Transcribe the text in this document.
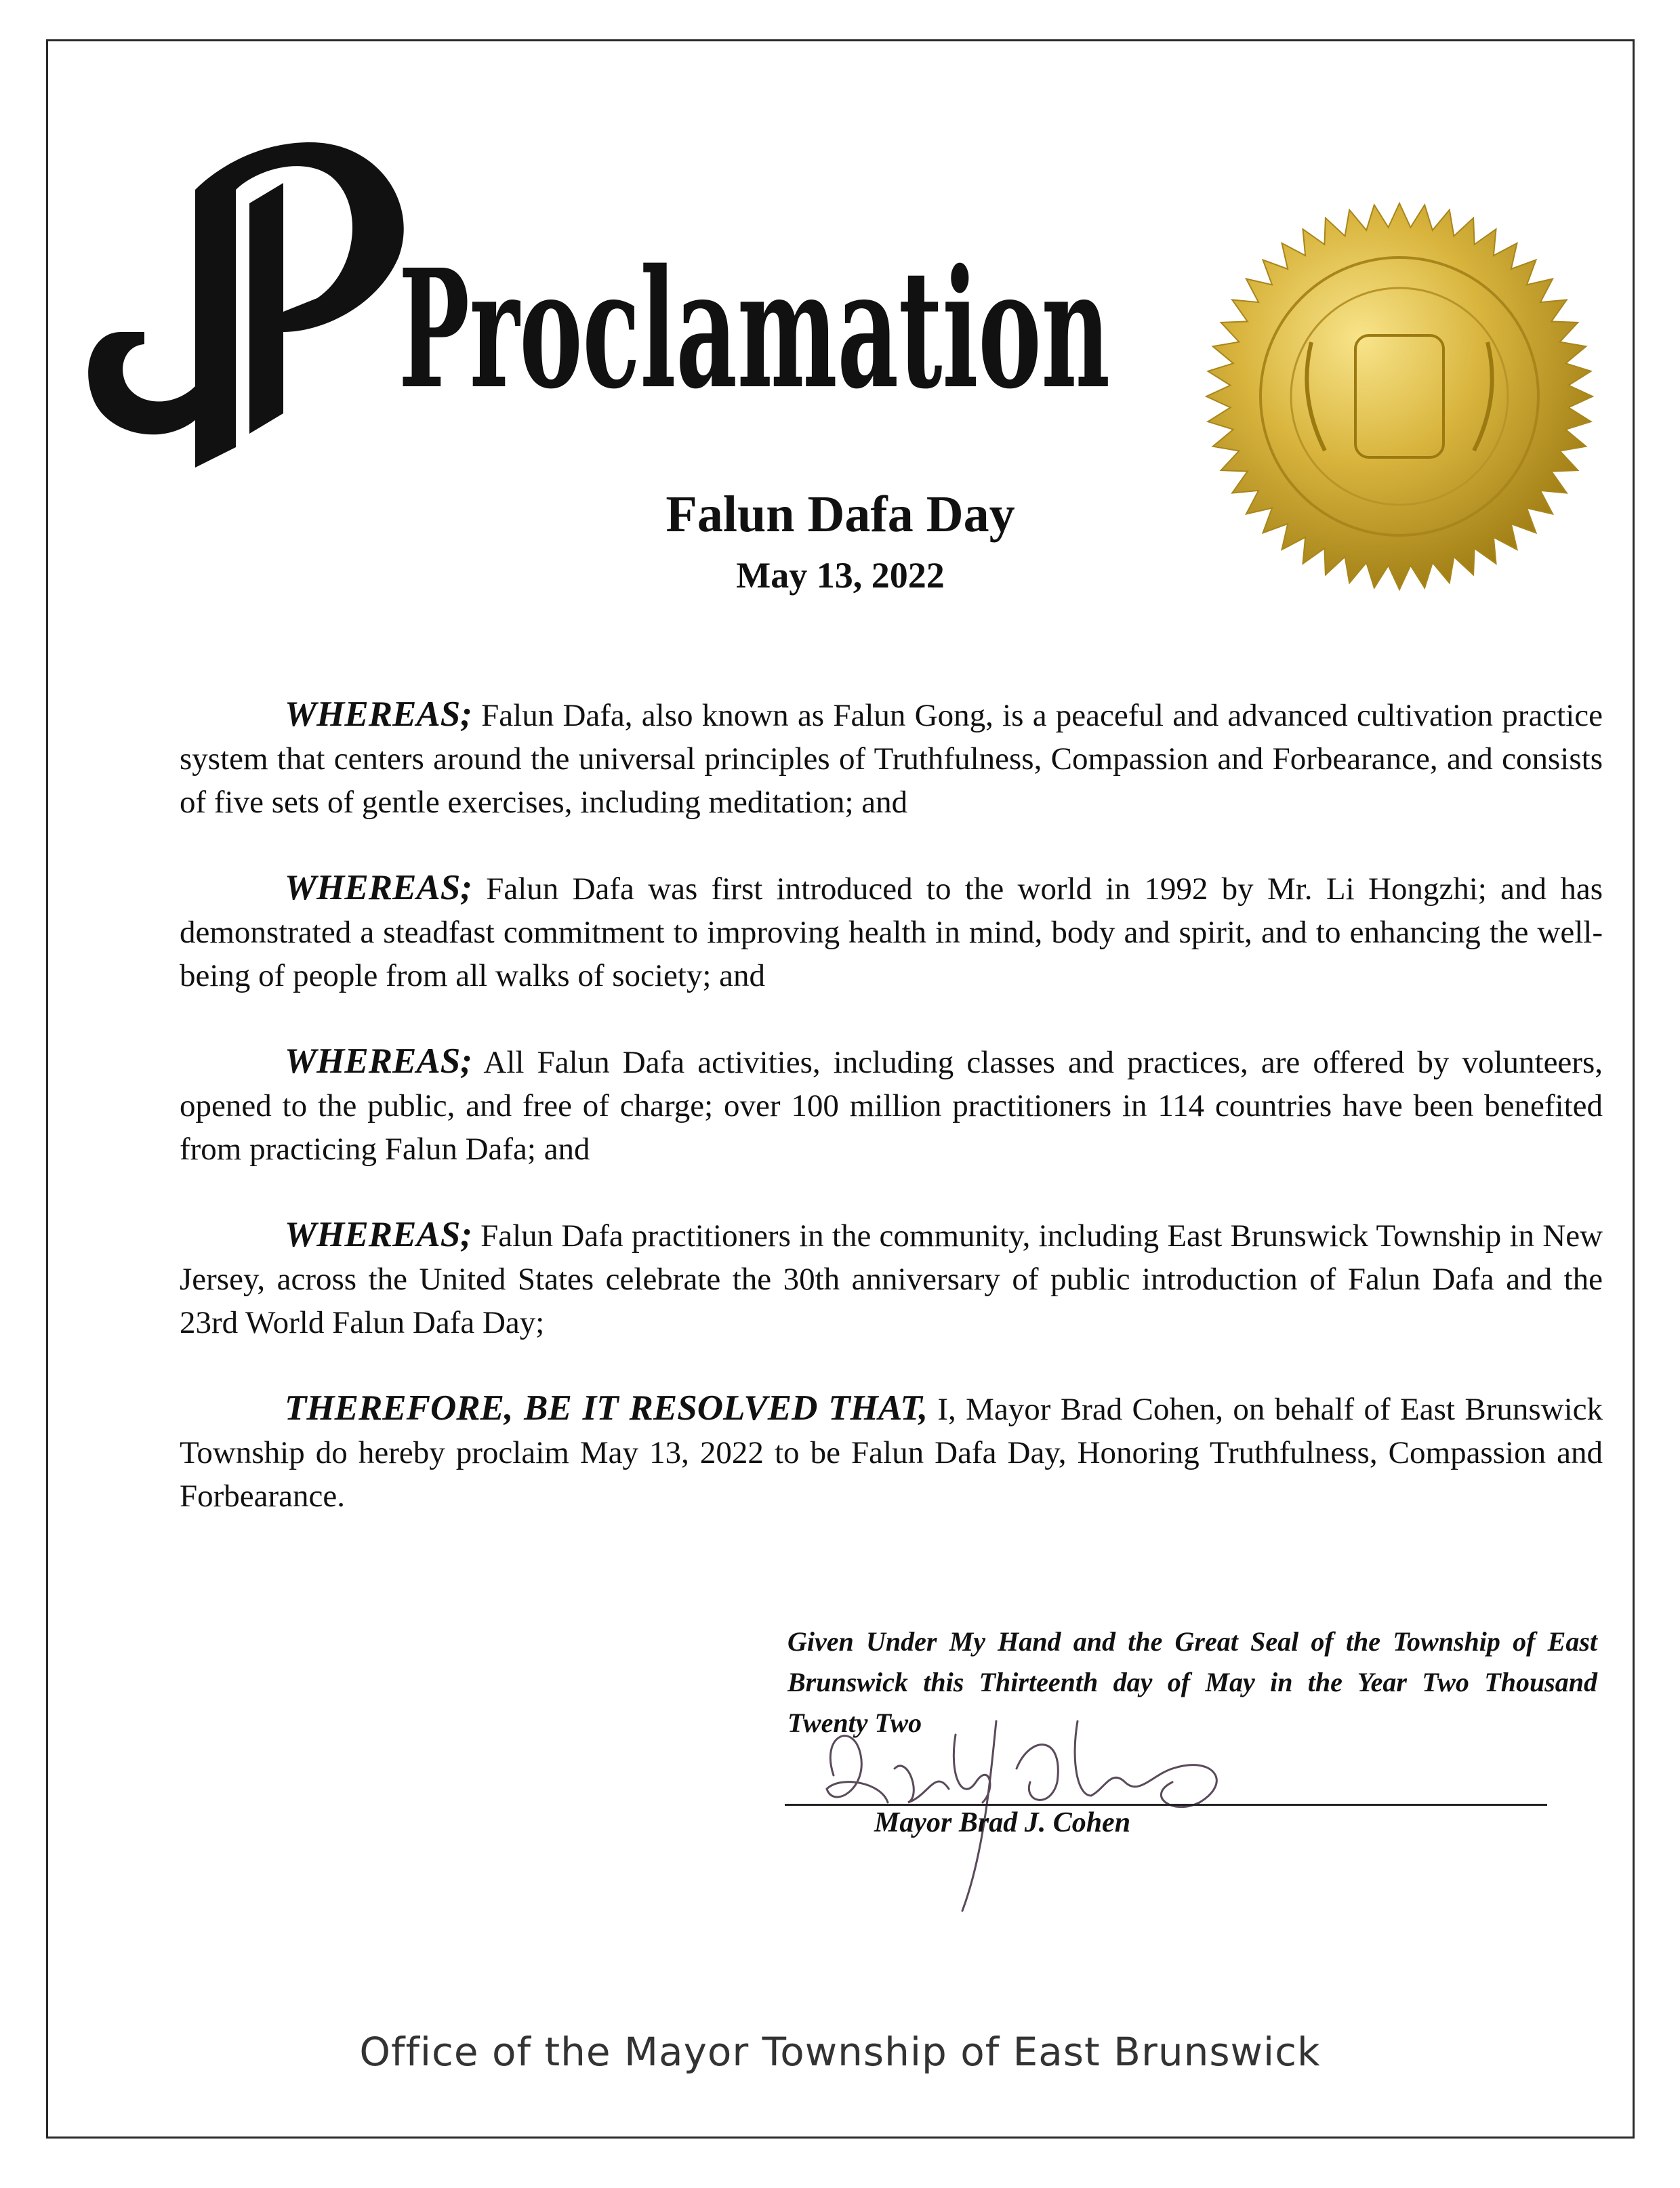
Proclamation
Falun Dafa Day
May 13, 2022

WHEREAS; Falun Dafa, also known as Falun Gong, is a peaceful and advanced cultivation practice system that centers around the universal principles of Truthfulness, Compassion and Forbearance, and consists of five sets of gentle exercises, including meditation; and

WHEREAS; Falun Dafa was first introduced to the world in 1992 by Mr. Li Hongzhi; and has demonstrated a steadfast commitment to improving health in mind, body and spirit, and to enhancing the well-being of people from all walks of society; and

WHEREAS; All Falun Dafa activities, including classes and practices, are offered by volunteers, opened to the public, and free of charge; over 100 million practitioners in 114 countries have been benefited from practicing Falun Dafa; and

WHEREAS; Falun Dafa practitioners in the community, including East Brunswick Township in New Jersey, across the United States celebrate the 30th anniversary of public introduction of Falun Dafa and the 23rd World Falun Dafa Day;

THEREFORE, BE IT RESOLVED THAT, I, Mayor Brad Cohen, on behalf of East Brunswick Township do hereby proclaim May 13, 2022 to be Falun Dafa Day, Honoring Truthfulness, Compassion and Forbearance.

Given Under My Hand and the Great Seal of the Township of East Brunswick this Thirteenth day of May in the Year Two Thousand Twenty Two
Mayor Brad J. Cohen
Office of the Mayor Township of East Brunswick
